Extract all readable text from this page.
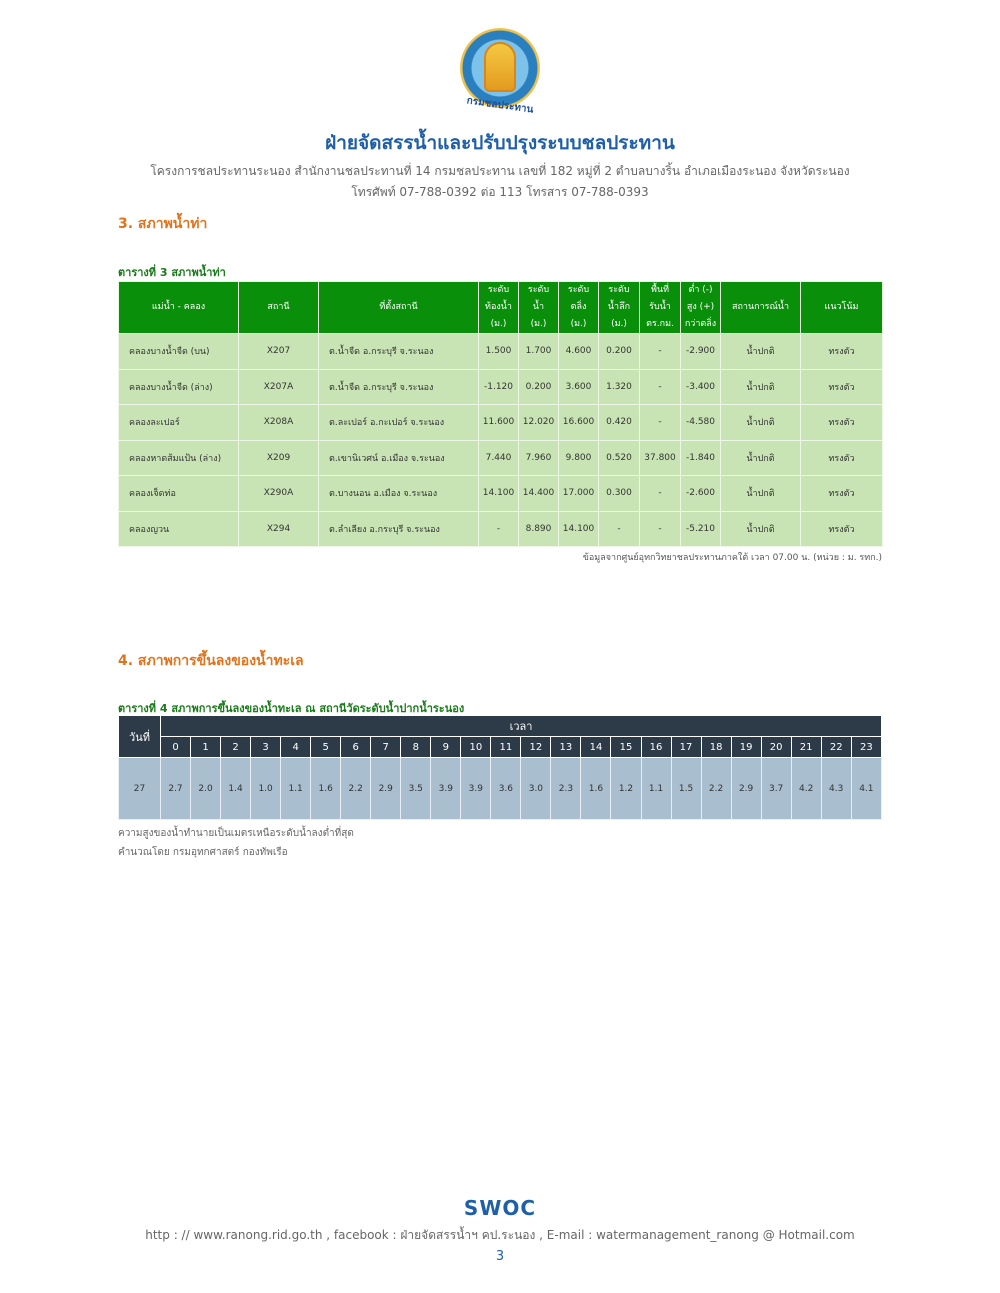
กรมชลประทาน
ฝ่ายจัดสรรน้ำและปรับปรุงระบบชลประทาน
โครงการชลประทานระนอง สำนักงานชลประทานที่ 14 กรมชลประทาน เลขที่ 182 หมู่ที่ 2 ตำบลบางริ้น อำเภอเมืองระนอง จังหวัดระนอง
โทรศัพท์ 07-788-0392 ต่อ 113 โทรสาร 07-788-0393
3. สภาพน้ำท่า
ตารางที่ 3 สภาพน้ำท่า
แม่น้ำ - คลอง	สถานี	ที่ตั้งสถานี	ระดับ
ท้องน้ำ
(ม.)	ระดับ
น้ำ
(ม.)	ระดับ
ตลิ่ง
(ม.)	ระดับ
น้ำลึก
(ม.)	พื้นที่
รับน้ำ
ตร.กม.	ต่ำ (-)
สูง (+)
กว่าตลิ่ง	สถานการณ์น้ำ	แนวโน้ม
คลองบางน้ำจืด (บน)	X207	ต.น้ำจืด อ.กระบุรี จ.ระนอง	1.500	1.700	4.600	0.200	-	-2.900	น้ำปกติ	ทรงตัว
คลองบางน้ำจืด (ล่าง)	X207A	ต.น้ำจืด อ.กระบุรี จ.ระนอง	-1.120	0.200	3.600	1.320	-	-3.400	น้ำปกติ	ทรงตัว
คลองละเปอร์	X208A	ต.ละเปอร์ อ.กะเปอร์ จ.ระนอง	11.600	12.020	16.600	0.420	-	-4.580	น้ำปกติ	ทรงตัว
คลองหาดส้มแป้น (ล่าง)	X209	ต.เขานิเวศน์ อ.เมือง จ.ระนอง	7.440	7.960	9.800	0.520	37.800	-1.840	น้ำปกติ	ทรงตัว
คลองเจ็ดท่อ	X290A	ต.บางนอน อ.เมือง จ.ระนอง	14.100	14.400	17.000	0.300	-	-2.600	น้ำปกติ	ทรงตัว
คลองญวน	X294	ต.ลำเลียง อ.กระบุรี จ.ระนอง	-	8.890	14.100	-	-	-5.210	น้ำปกติ	ทรงตัว
ข้อมูลจากศูนย์อุทกวิทยาชลประทานภาคใต้ เวลา 07.00 น. (หน่วย : ม. รทก.)
4. สภาพการขึ้นลงของน้ำทะเล
ตารางที่ 4 สภาพการขึ้นลงของน้ำทะเล ณ สถานีวัดระดับน้ำปากน้ำระนอง
วันที่	เวลา																							
	0	1	2	3	4	5	6	7	8	9	10	11	12	13	14	15	16	17	18	19	20	21	22	23
27	2.7	2.0	1.4	1.0	1.1	1.6	2.2	2.9	3.5	3.9	3.9	3.6	3.0	2.3	1.6	1.2	1.1	1.5	2.2	2.9	3.7	4.2	4.3	4.1
ความสูงของน้ำทำนายเป็นเมตรเหนือระดับน้ำลงต่ำที่สุด
คำนวณโดย กรมอุทกศาสตร์ กองทัพเรือ
SWOC
http : // www.ranong.rid.go.th , facebook : ฝ่ายจัดสรรน้ำฯ คป.ระนอง , E-mail : watermanagement_ranong @ Hotmail.com
3
